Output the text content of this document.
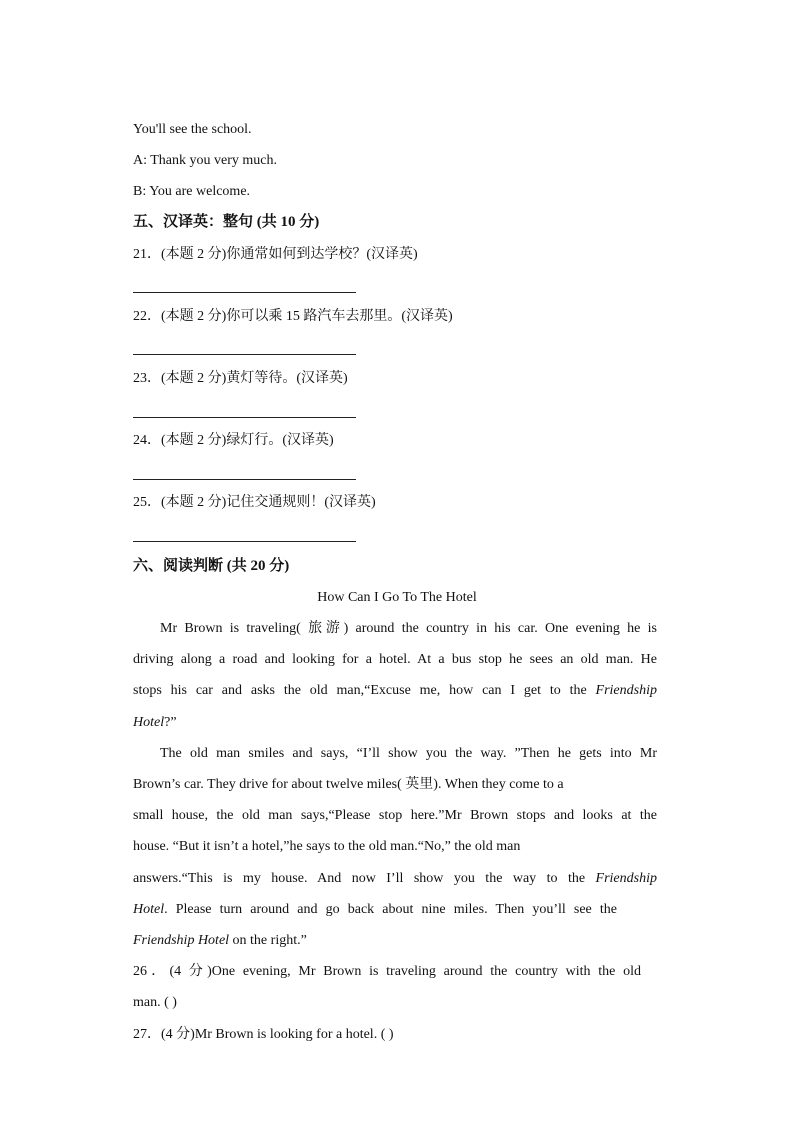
You'll see the school.
A: Thank you very much.
B: You are welcome.
五、汉译英：整句 (共 10 分)
21．(本题 2 分)你通常如何到达学校？(汉译英)
22．(本题 2 分)你可以乘 15 路汽车去那里。(汉译英)
23．(本题 2 分)黄灯等待。(汉译英)
24．(本题 2 分)绿灯行。(汉译英)
25．(本题 2 分)记住交通规则！(汉译英)
六、阅读判断 (共 20 分)
How Can I Go To The Hotel
Mr Brown is traveling( 旅游) around the country in his car. One evening he is
driving along a road and looking for a hotel. At a bus stop he sees an old man. He
stops his car and asks the old man,“Excuse me, how can I get to the Friendship
Hotel?”
The old man smiles and says, “I’ll show you the way. ”Then he gets into Mr
Brown’s car. They drive for about twelve miles( 英里). When they come to a
small house, the old man says,“Please stop here.”Mr Brown stops and looks at the
house. “But it isn’t a hotel,”he says to the old man.“No,” the old man
answers.“This is my house. And now I’ll show you the way to the Friendship
Hotel. Please turn around and go back about nine miles. Then you’ll see the
Friendship Hotel on the right.”
26．(4 分)One evening, Mr Brown is traveling around the country with the old
man. ( )
27．(4 分)Mr Brown is looking for a hotel. ( )
